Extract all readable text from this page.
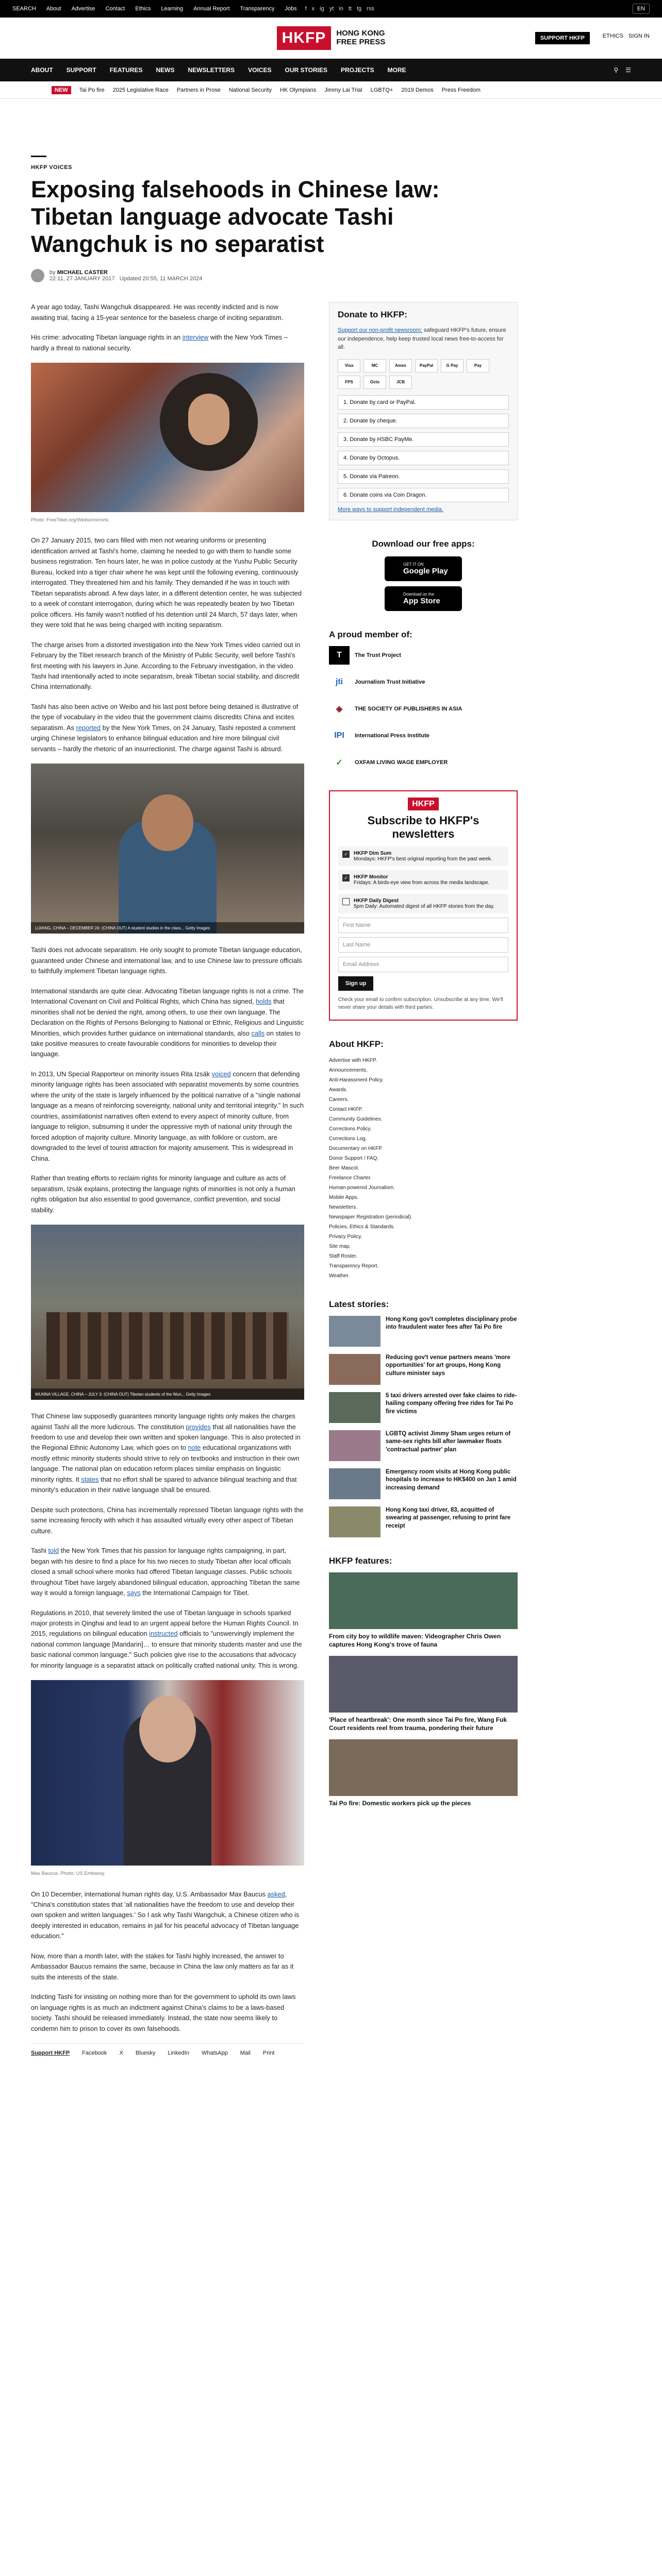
SEARCH About Advertise Contact Ethics Learning Annual Report Transparency Jobs f x ig yt in tt tg rss	EN
HKFP	HONG KONG
FREE PRESS	SUPPORT HKFP	ETHICS SIGN IN
ABOUT SUPPORT FEATURES NEWS NEWSLETTERS VOICES OUR STORIES PROJECTS MORE	⚲ ☰
NEW	Tai Po fire 2025 Legislative Race Partners in Prose National Security HK Olympians Jimmy Lai Trial LGBTQ+ 2019 Demos Press Freedom
HKFP VOICES
Exposing falsehoods in Chinese law: Tibetan language advocate Tashi Wangchuk is no separatist
by MICHAEL CASTER
22:11, 27 JANUARY 2017 Updated 20:55, 11 MARCH 2024

A year ago today, Tashi Wangchuk disappeared. He was recently indicted and is now awaiting trial, facing a 15-year sentence for the baseless charge of inciting separatism.

His crime: advocating Tibetan language rights in an interview with the New York Times – hardly a threat to national security.

Photo: FreeTibet.org/Weibo/mirrorlv.

On 27 January 2015, two cars filled with men not wearing uniforms or presenting identification arrived at Tashi's home, claiming he needed to go with them to handle some business registration. Ten hours later, he was in police custody at the Yushu Public Security Bureau, locked into a tiger chair where he was kept until the following evening, continuously interrogated. They threatened him and his family. They demanded if he was in touch with Tibetan separatists abroad. A few days later, in a different detention center, he was subjected to a week of constant interrogation, during which he was repeatedly beaten by two Tibetan police officers. His family wasn't notified of his detention until 24 March, 57 days later, when they were told that he was being charged with inciting separatism.

The charge arises from a distorted investigation into the New York Times video carried out in February by the Tibet research branch of the Ministry of Public Security, well before Tashi's first meeting with his lawyers in June. According to the February investigation, in the video Tashi had intentionally acted to incite separatism, break Tibetan social stability, and discredit China internationally.

Tashi has also been active on Weibo and his last post before being detained is illustrative of the type of vocabulary in the video that the government claims discredits China and incites separatism. As reported by the New York Times, on 24 January, Tashi reposted a comment urging Chinese legislators to enhance bilingual education and hire more bilingual civil servants – hardly the rhetoric of an insurrectionist. The charge against Tashi is absurd.

LIJIANG, CHINA – DECEMBER 24: (CHINA OUT) A student studies in the class... Getty Images

Tashi does not advocate separatism. He only sought to promote Tibetan language education, guaranteed under Chinese and international law, and to use Chinese law to pressure officials to faithfully implement Tibetan language rights.

International standards are quite clear. Advocating Tibetan language rights is not a crime. The International Covenant on Civil and Political Rights, which China has signed, holds that minorities shall not be denied the right, among others, to use their own language. The Declaration on the Rights of Persons Belonging to National or Ethnic, Religious and Linguistic Minorities, which provides further guidance on international standards, also calls on states to take positive measures to create favourable conditions for minorities to develop their language.

In 2013, UN Special Rapporteur on minority issues Rita Izsák voiced concern that defending minority language rights has been associated with separatist movements by some countries where the unity of the state is largely influenced by the political narrative of a "single national language as a means of reinforcing sovereignty, national unity and territorial integrity." In such countries, assimilationist narratives often extend to every aspect of minority culture, from language to religion, subsuming it under the oppressive myth of national unity through the forced adoption of majority culture. Minority language, as with folklore or custom, are downgraded to the level of tourist attraction for majority amusement. This is widespread in China.

Rather than treating efforts to reclaim rights for minority language and culture as acts of separatism, Izsák explains, protecting the language rights of minorities is not only a human rights obligation but also essential to good governance, conflict prevention, and social stability.

WUNNA VILLAGE, CHINA – JULY 3: (CHINA OUT) Tibetan students of the Wun... Getty Images

That Chinese law supposedly guarantees minority language rights only makes the charges against Tashi all the more ludicrous. The constitution provides that all nationalities have the freedom to use and develop their own written and spoken language. This is also protected in the Regional Ethnic Autonomy Law, which goes on to note educational organizations with mostly ethnic minority students should strive to rely on textbooks and instruction in their own language. The national plan on education reform places similar emphasis on linguistic minority rights. It states that no effort shall be spared to advance bilingual teaching and that minority's education in their native language shall be ensured.

Despite such protections, China has incrementally repressed Tibetan language rights with the same increasing ferocity with which it has assaulted virtually every other aspect of Tibetan culture.

Tashi told the New York Times that his passion for language rights campaigning, in part, began with his desire to find a place for his two nieces to study Tibetan after local officials closed a small school where monks had offered Tibetan language classes. Public schools throughout Tibet have largely abandoned bilingual education, approaching Tibetan the same way it would a foreign language, says the International Campaign for Tibet.

Regulations in 2010, that severely limited the use of Tibetan language in schools sparked major protests in Qinghai and lead to an urgent appeal before the Human Rights Council. In 2015, regulations on bilingual education instructed officials to "unswervingly implement the national common language [Mandarin]… to ensure that minority students master and use the basic national common language." Such policies give rise to the accusations that advocacy for minority language is a separatist attack on politically crafted national unity. This is wrong.

Max Baucus. Photo: US Embassy.

On 10 December, international human rights day, U.S. Ambassador Max Baucus asked, "China's constitution states that 'all nationalities have the freedom to use and develop their own spoken and written languages.' So I ask why Tashi Wangchuk, a Chinese citizen who is deeply interested in education, remains in jail for his peaceful advocacy of Tibetan language education."

Now, more than a month later, with the stakes for Tashi highly increased, the answer to Ambassador Baucus remains the same, because in China the law only matters as far as it suits the interests of the state.

Indicting Tashi for insisting on nothing more than for the government to uphold its own laws on language rights is as much an indictment against China's claims to be a laws-based society. Tashi should be released immediately. Instead, the state now seems likely to condemn him to prison to cover its own falsehoods.

Support HKFP Facebook X Bluesky LinkedIn WhatsApp Mail Print
Donate to HKFP:
Support our non-profit newsroom: safeguard HKFP's future, ensure our independence, help keep trusted local news free-to-access for all.
Visa	MC	Amex	PayPal	G Pay	Pay
FPS	Octo	JCB
1. Donate by card or PayPal.
2. Donate by cheque.
3. Donate by HSBC PayMe.
4. Donate by Octopus.
5. Donate via Patreon.
6. Donate coins via Coin Dragon.
More ways to support independent media.
Download our free apps:
GET IT ON
Google Play
Download on the
App Store
A proud member of:
T	The Trust Project
jti	Journalism Trust Initiative
◈	THE SOCIETY OF PUBLISHERS IN ASIA
IPI	International Press Institute
✓	OXFAM LIVING WAGE EMPLOYER
HKFP
Subscribe to HKFP's newsletters
✓	HKFP Dim Sum
Mondays: HKFP's best original reporting from the past week.
✓	HKFP Monitor
Fridays: A birds-eye view from across the media landscape.
HKFP Daily Digest
5pm Daily: Automated digest of all HKFP stories from the day.
First Name
Last Name
Email Address
Sign up
Check your email to confirm subscription. Unsubscribe at any time. We'll never share your details with third parties.
About HKFP:
Advertise with HKFP.
Announcements.
Anti-Harassment Policy.
Awards.
Careers.
Contact HKFP.
Community Guidelines.
Corrections Policy.
Corrections Log.
Documentary on HKFP.
Donor Support / FAQ.
Beer Mascot.
Freelance Charter.
Human-powered Journalism.
Mobile Apps.
Newsletters.
Newspaper Registration (periodical).
Policies, Ethics & Standards.
Privacy Policy.
Site map.
Staff Roster.
Transparency Report.
Weather.
Latest stories:
Hong Kong gov't completes disciplinary probe into fraudulent water fees after Tai Po fire
Reducing gov't venue partners means 'more opportunities' for art groups, Hong Kong culture minister says
5 taxi drivers arrested over fake claims to ride-hailing company offering free rides for Tai Po fire victims
LGBTQ activist Jimmy Sham urges return of same-sex rights bill after lawmaker floats 'contractual partner' plan
Emergency room visits at Hong Kong public hospitals to increase to HK$400 on Jan 1 amid increasing demand
Hong Kong taxi driver, 83, acquitted of swearing at passenger, refusing to print fare receipt
HKFP features:
From city boy to wildlife maven: Videographer Chris Owen captures Hong Kong's trove of fauna
'Place of heartbreak': One month since Tai Po fire, Wang Fuk Court residents reel from trauma, pondering their future
Tai Po fire: Domestic workers pick up the pieces
